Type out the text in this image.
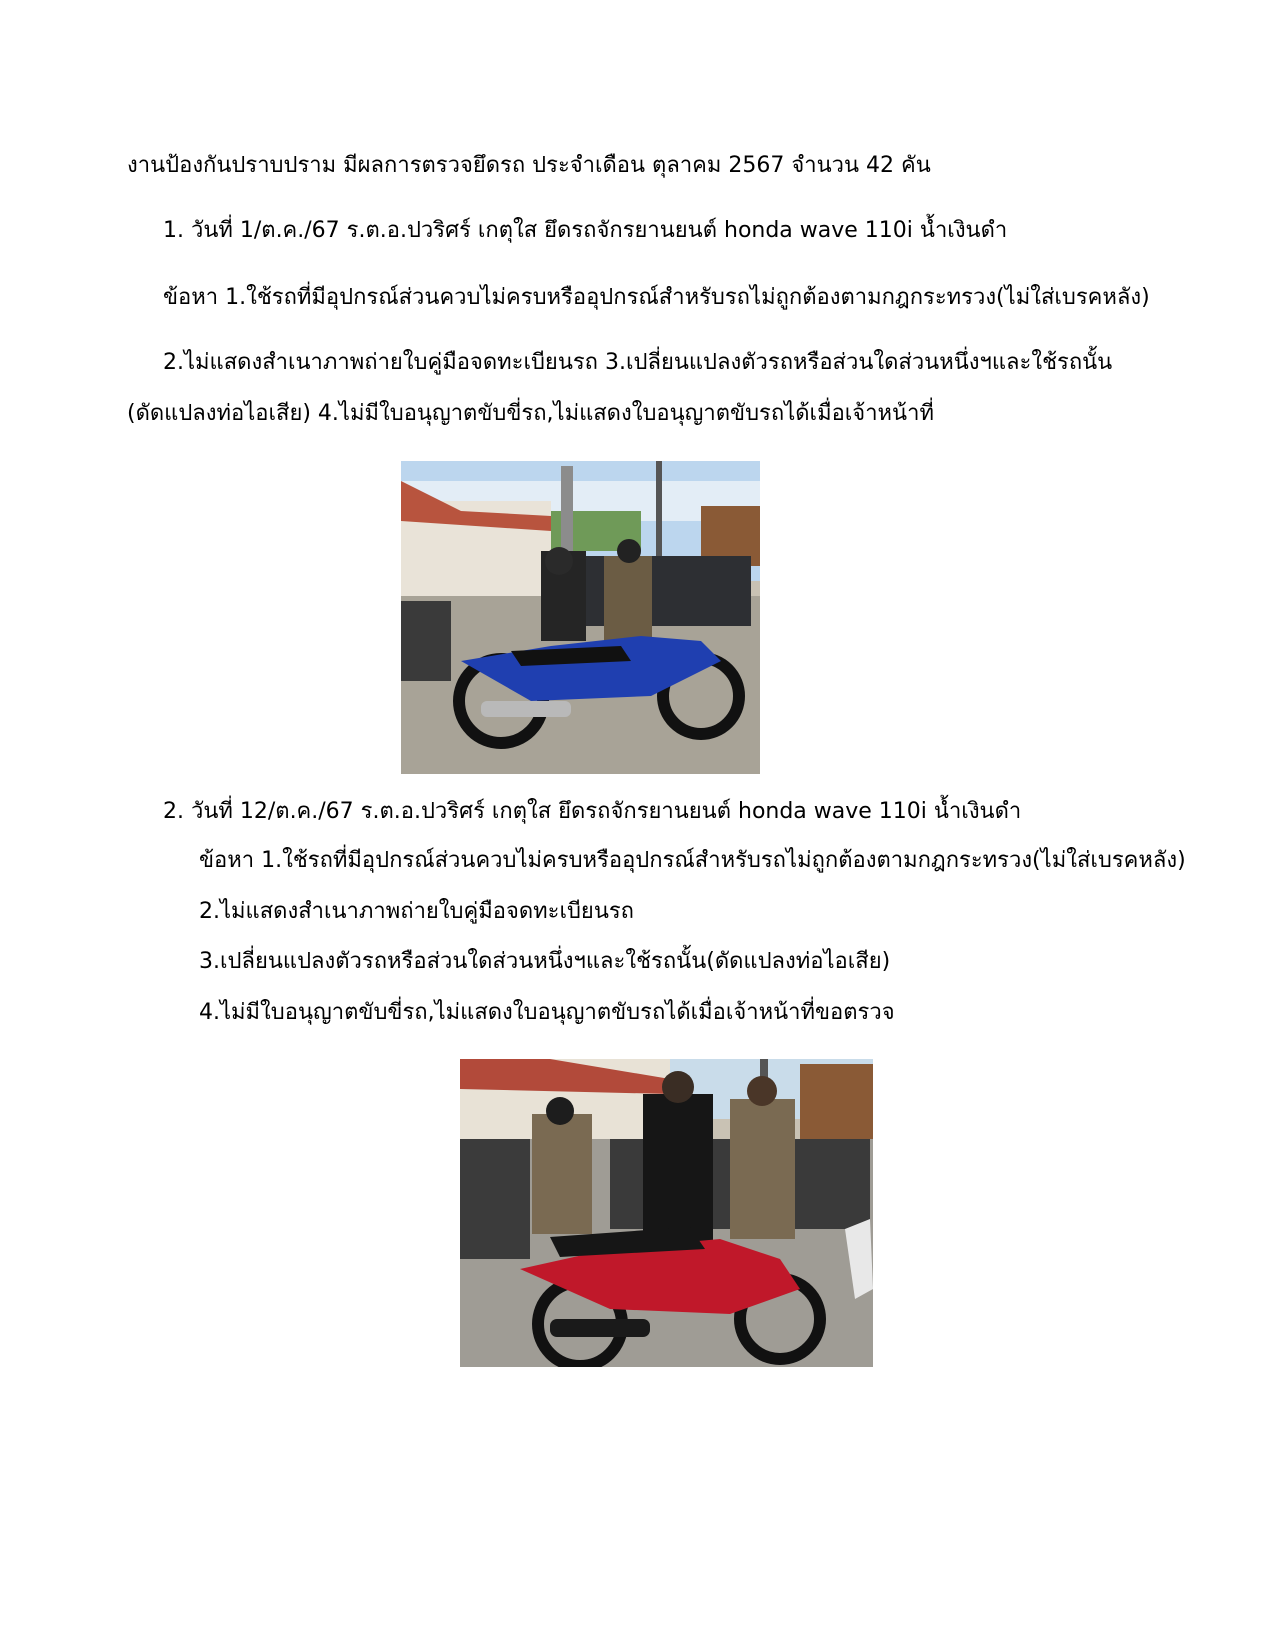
งานป้องกันปราบปราม มีผลการตรวจยึดรถ ประจำเดือน ตุลาคม 2567 จำนวน 42 คัน
1. วันที่ 1/ต.ค./67 ร.ต.อ.ปวริศร์ เกตุใส ยึดรถจักรยานยนต์ honda wave 110i น้ำเงินดำ
ข้อหา 1.ใช้รถที่มีอุปกรณ์ส่วนควบไม่ครบหรืออุปกรณ์สำหรับรถไม่ถูกต้องตามกฎกระทรวง(ไม่ใส่เบรคหลัง)
2.ไม่แสดงสำเนาภาพถ่ายใบคู่มือจดทะเบียนรถ 3.เปลี่ยนแปลงตัวรถหรือส่วนใดส่วนหนึ่งฯและใช้รถนั้น
(ดัดแปลงท่อไอเสีย) 4.ไม่มีใบอนุญาตขับขี่รถ,ไม่แสดงใบอนุญาตขับรถได้เมื่อเจ้าหน้าที่
2. วันที่ 12/ต.ค./67 ร.ต.อ.ปวริศร์ เกตุใส ยึดรถจักรยานยนต์ honda wave 110i น้ำเงินดำ
ข้อหา 1.ใช้รถที่มีอุปกรณ์ส่วนควบไม่ครบหรืออุปกรณ์สำหรับรถไม่ถูกต้องตามกฎกระทรวง(ไม่ใส่เบรคหลัง)
2.ไม่แสดงสำเนาภาพถ่ายใบคู่มือจดทะเบียนรถ
3.เปลี่ยนแปลงตัวรถหรือส่วนใดส่วนหนึ่งฯและใช้รถนั้น(ดัดแปลงท่อไอเสีย)
4.ไม่มีใบอนุญาตขับขี่รถ,ไม่แสดงใบอนุญาตขับรถได้เมื่อเจ้าหน้าที่ขอตรวจ
